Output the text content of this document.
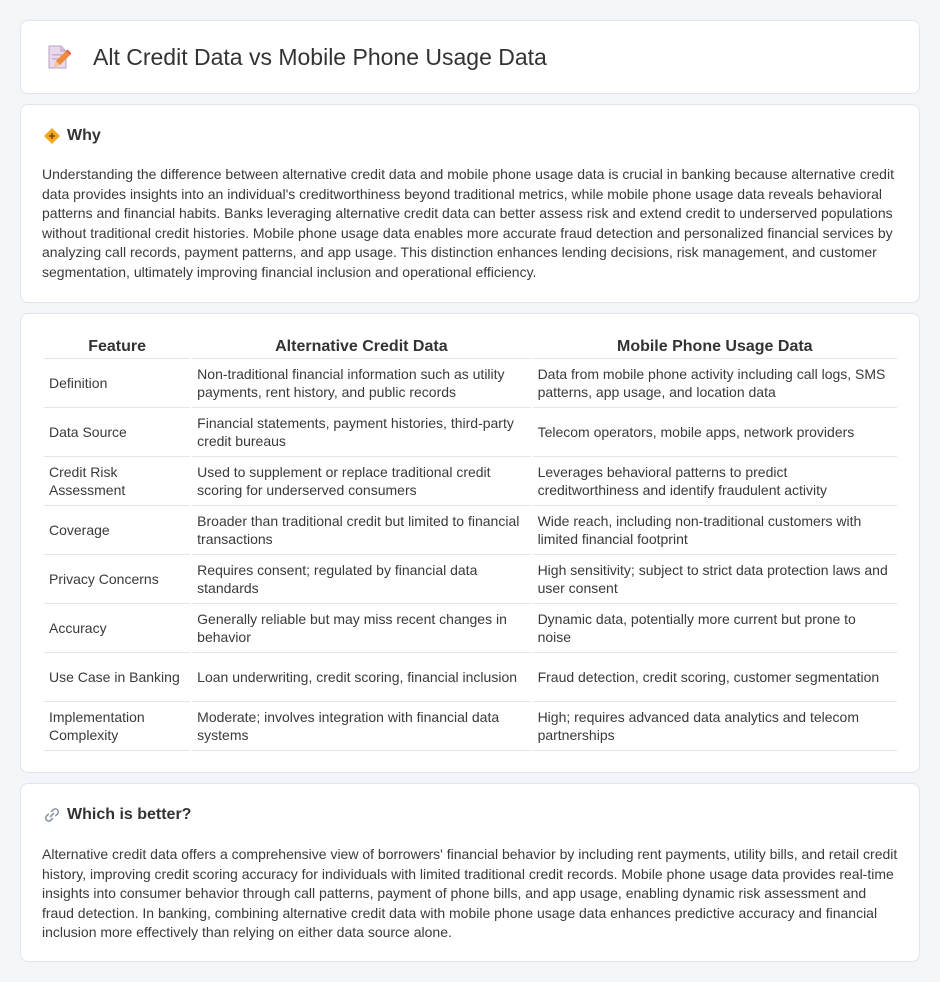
Alt Credit Data vs Mobile Phone Usage Data
Why

Understanding the difference between alternative credit data and mobile phone usage data is crucial in banking because alternative credit data provides insights into an individual's creditworthiness beyond traditional metrics, while mobile phone usage data reveals behavioral patterns and financial habits. Banks leveraging alternative credit data can better assess risk and extend credit to underserved populations without traditional credit histories. Mobile phone usage data enables more accurate fraud detection and personalized financial services by analyzing call records, payment patterns, and app usage. This distinction enhances lending decisions, risk management, and customer segmentation, ultimately improving financial inclusion and operational efficiency.

Feature	Alternative Credit Data	Mobile Phone Usage Data
Definition	Non-traditional financial information such as utility payments, rent history, and public records	Data from mobile phone activity including call logs, SMS patterns, app usage, and location data
Data Source	Financial statements, payment histories, third-party credit bureaus	Telecom operators, mobile apps, network providers
Credit Risk Assessment	Used to supplement or replace traditional credit scoring for underserved consumers	Leverages behavioral patterns to predict creditworthiness and identify fraudulent activity
Coverage	Broader than traditional credit but limited to financial transactions	Wide reach, including non-traditional customers with limited financial footprint
Privacy Concerns	Requires consent; regulated by financial data standards	High sensitivity; subject to strict data protection laws and user consent
Accuracy	Generally reliable but may miss recent changes in behavior	Dynamic data, potentially more current but prone to noise
Use Case in Banking	Loan underwriting, credit scoring, financial inclusion	Fraud detection, credit scoring, customer segmentation
Implementation Complexity	Moderate; involves integration with financial data systems	High; requires advanced data analytics and telecom partnerships
Which is better?

Alternative credit data offers a comprehensive view of borrowers' financial behavior by including rent payments, utility bills, and retail credit history, improving credit scoring accuracy for individuals with limited traditional credit records. Mobile phone usage data provides real-time insights into consumer behavior through call patterns, payment of phone bills, and app usage, enabling dynamic risk assessment and fraud detection. In banking, combining alternative credit data with mobile phone usage data enhances predictive accuracy and financial inclusion more effectively than relying on either data source alone.
